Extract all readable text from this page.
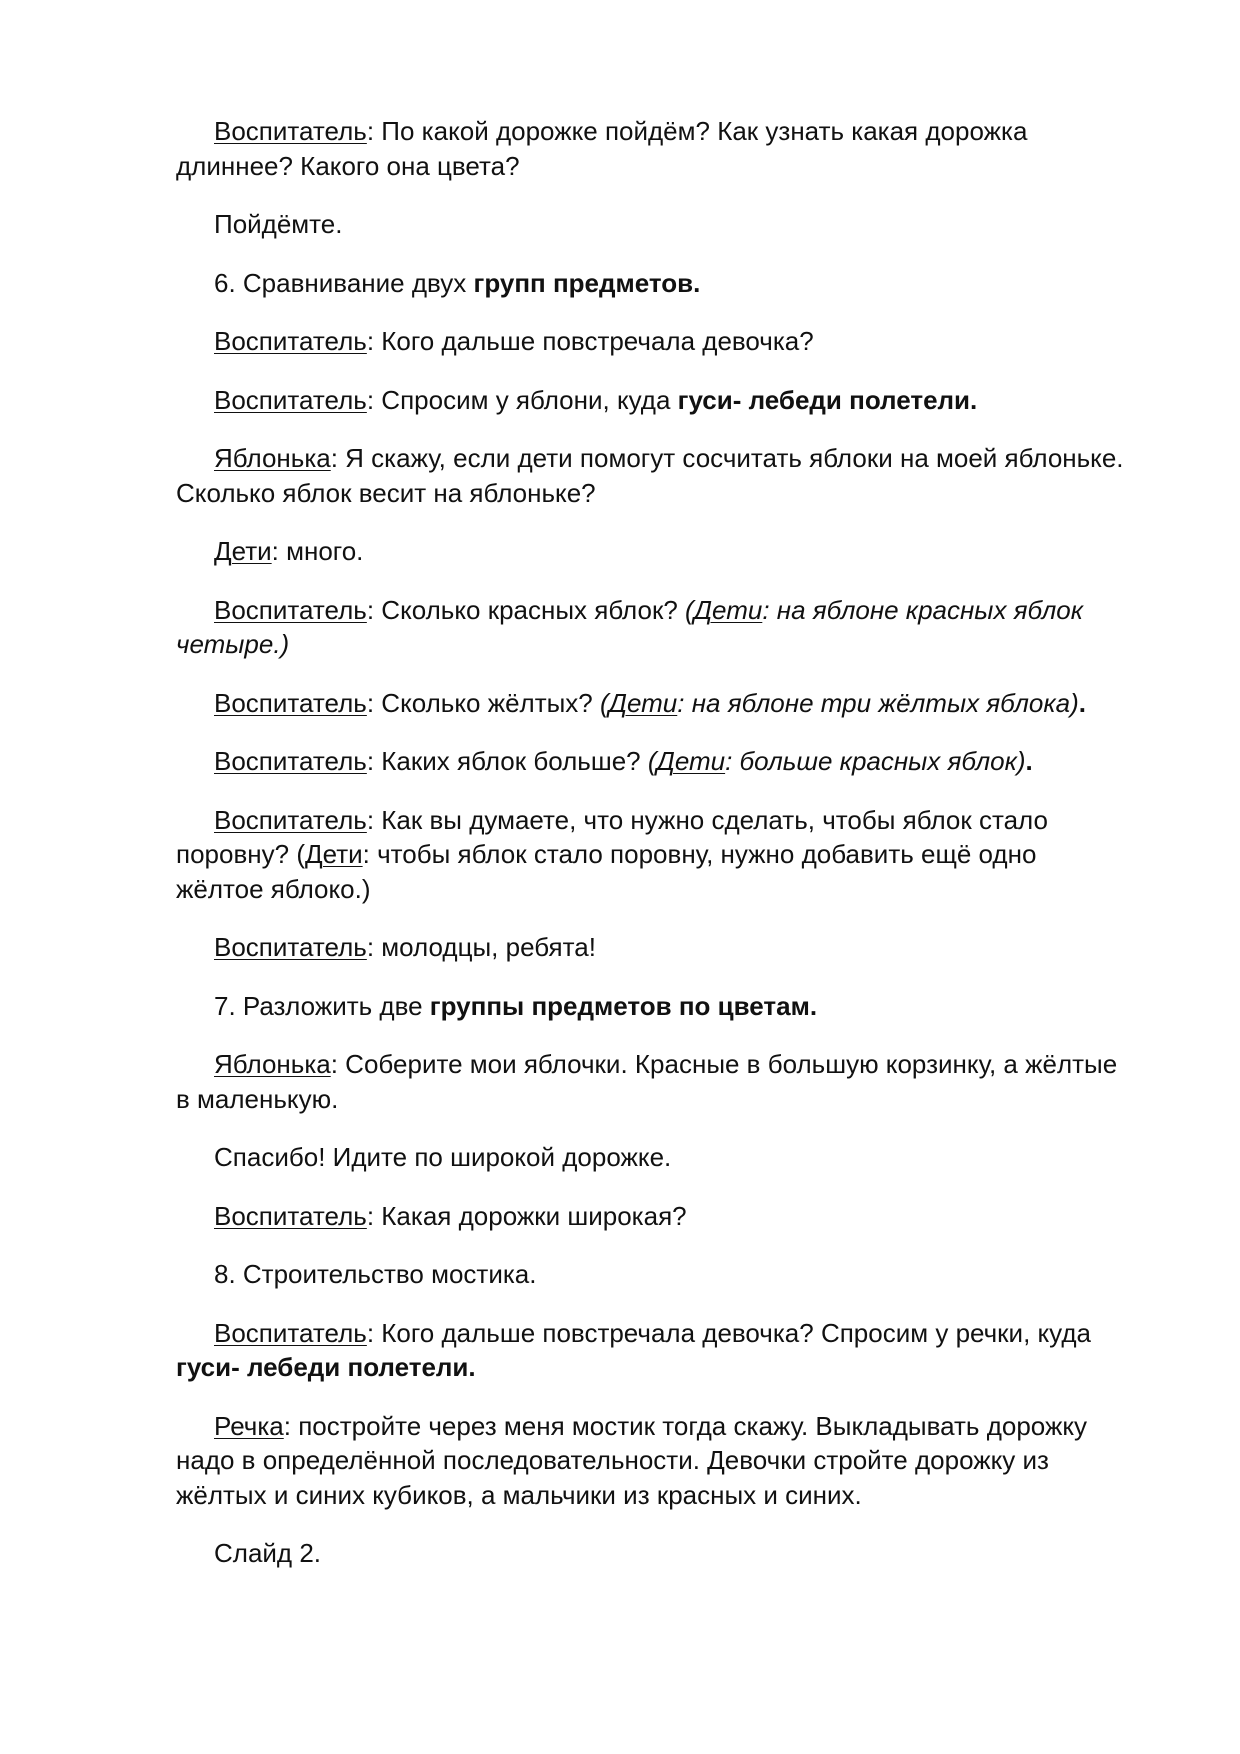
Воспитатель: По какой дорожке пойдём? Как узнать какая дорожка длиннее? Какого она цвета?

Пойдёмте.

6. Сравнивание двух групп предметов.

Воспитатель: Кого дальше повстречала девочка?

Воспитатель: Спросим у яблони, куда гуси- лебеди полетели.

Яблонька: Я скажу, если дети помогут сосчитать яблоки на моей яблоньке. Сколько яблок весит на яблоньке?

Дети: много.

Воспитатель: Сколько красных яблок? (Дети: на яблоне красных яблок четыре.)

Воспитатель: Сколько жёлтых? (Дети: на яблоне три жёлтых яблока).

Воспитатель: Каких яблок больше? (Дети: больше красных яблок).

Воспитатель: Как вы думаете, что нужно сделать, чтобы яблок стало поровну? (Дети: чтобы яблок стало поровну, нужно добавить ещё одно жёлтое яблоко.)

Воспитатель: молодцы, ребята!

7. Разложить две группы предметов по цветам.

Яблонька: Соберите мои яблочки. Красные в большую корзинку, а жёлтые в маленькую.

Спасибо! Идите по широкой дорожке.

Воспитатель: Какая дорожки широкая?

8. Строительство мостика.

Воспитатель: Кого дальше повстречала девочка? Спросим у речки, куда гуси- лебеди полетели.

Речка: постройте через меня мостик тогда скажу. Выкладывать дорожку надо в определённой последовательности. Девочки стройте дорожку из жёлтых и синих кубиков, а мальчики из красных и синих.

Слайд 2.
